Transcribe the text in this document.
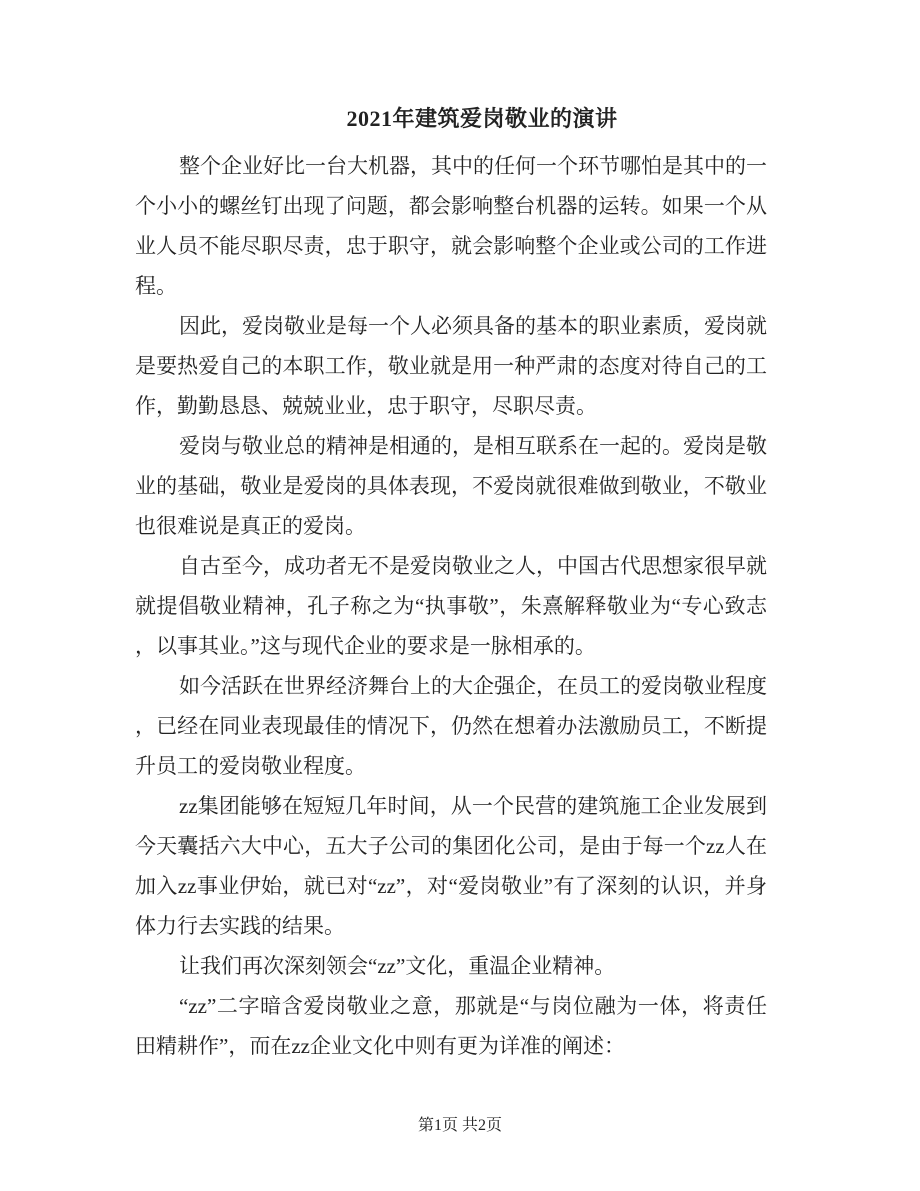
2021年建筑爱岗敬业的演讲

整个企业好比一台大机器，其中的任何一个环节哪怕是其中的一个小小的螺丝钉出现了问题，都会影响整台机器的运转。如果一个从业人员不能尽职尽责，忠于职守，就会影响整个企业或公司的工作进程。

因此，爱岗敬业是每一个人必须具备的基本的职业素质，爱岗就是要热爱自己的本职工作，敬业就是用一种严肃的态度对待自己的工作，勤勤恳恳、兢兢业业，忠于职守，尽职尽责。

爱岗与敬业总的精神是相通的，是相互联系在一起的。爱岗是敬业的基础，敬业是爱岗的具体表现，不爱岗就很难做到敬业，不敬业也很难说是真正的爱岗。

自古至今，成功者无不是爱岗敬业之人，中国古代思想家很早就就提倡敬业精神，孔子称之为“执事敬”，朱熹解释敬业为“专心致志，以事其业。”这与现代企业的要求是一脉相承的。

如今活跃在世界经济舞台上的大企强企，在员工的爱岗敬业程度，已经在同业表现最佳的情况下，仍然在想着办法激励员工，不断提升员工的爱岗敬业程度。

zz集团能够在短短几年时间，从一个民营的建筑施工企业发展到今天囊括六大中心，五大子公司的集团化公司，是由于每一个zz人在加入zz事业伊始，就已对“zz”，对“爱岗敬业”有了深刻的认识，并身体力行去实践的结果。

让我们再次深刻领会“zz”文化，重温企业精神。

“zz”二字暗含爱岗敬业之意，那就是“与岗位融为一体，将责任田精耕作”，而在zz企业文化中则有更为详准的阐述：

第1页 共2页
